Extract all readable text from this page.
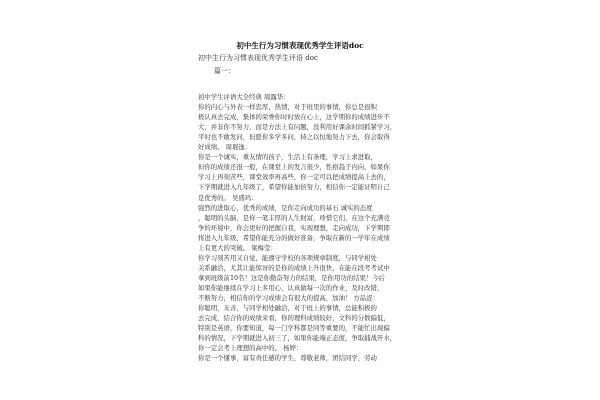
初中生行为习惯表现优秀学生评语doc
初中生行为习惯表现优秀学生评语 doc
篇一：
初中学生评语大全经典 周露华：
你的内心与外表一样忠厚、热情，对于班里的事情，你总是很积
极认真去完成，集体的荣誉你时时放在心上，这学期你的成绩进步不
大，并非你不努力，而是方法上有问题，没利用好课余时间抓紧学习，
平时也不敢发问，但愿你多学多问，持之以恒地努力下去，你会取得
好成绩。 周琨逸：
你是一个诚实，重友情的孩子，生活上有条理，学习上求进取，
但你的成绩还很一般，在课堂上的发言很少，性格趋于内向，如果你
学习上再刻苦些，课堂效率再高些，你一定可以把成绩提高上去的，
下学期就进入九年级了，希望你能加倍努力，相信你一定能证明自己
是优秀的。 吴盛玛：
强烈的进取心，优秀的成绩，是你走向成功的基石 诚实的态度
，聪明的头脑，是你一笔丰厚的人生财富，珍惜它们，在这个充满竞
争的环境中，你会更好的把握自我，实现理想，走向成功，下学期即
将进入九年级，希望你能充分的做好准备，争取在新的一学年在成绩
上有更大的突破。 梁梅莹：
你学习刻苦用又自觉，能遵守学校的各项规章制度，与同学相处
关系融洽，尤其让能惊讶的是你的成绩上升很快，在能在段考考试中
拿到班级前10名！这是你勤奋努力的结果，是你用功的结果！今后
如果你能继续在学习上多用心，认真做每一次的作业，及时改错，
不断努力，相信你的学习成绩会有很大的提高，加油！ 方品涩：
你聪明，友善，与同学相处融洽，对于班上的事情，总能积极的
去完成，结合你的成绩来看，你的理科成绩较好，文科的分数偏低，
特别是英语，你要知道，每一门学科都是同等重要的，不能忙出现偏
科的情况，下学期就进入初三了，如果你能端正态度，争取捕战开水，
你一定会考上理想的高中的。 杨婷：
你是一个懂事，富有责任感的学生，尊敬老师，团结同学，劳动
